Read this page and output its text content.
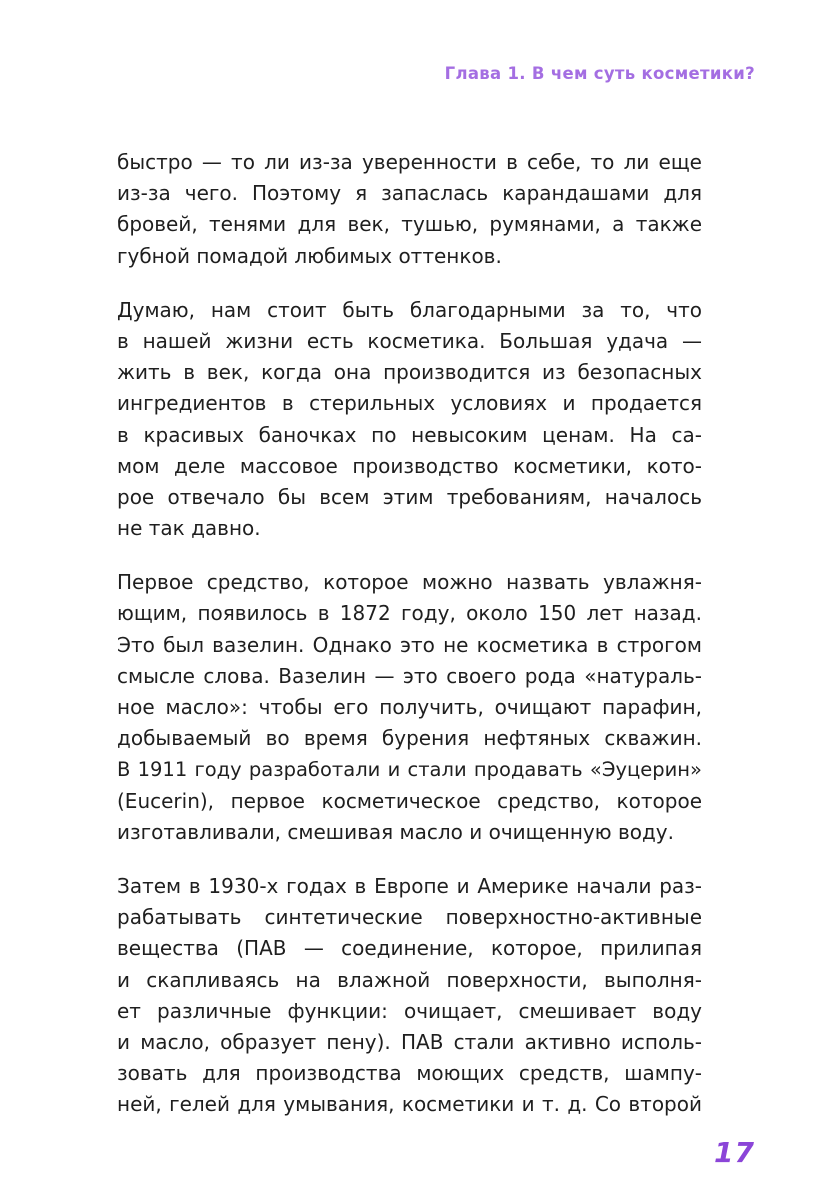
Глава 1. В чем суть косметики?
быстро — то ли из-за уверенности в себе, то ли еще
из-за чего. Поэтому я запаслась карандашами для
бровей, тенями для век, тушью, румянами, а также
губной помадой любимых оттенков.
Думаю, нам стоит быть благодарными за то, что
в нашей жизни есть косметика. Большая удача —
жить в век, когда она производится из безопасных
ингредиентов в стерильных условиях и продается
в красивых баночках по невысоким ценам. На са-
мом деле массовое производство косметики, кото-
рое отвечало бы всем этим требованиям, началось
не так давно.
Первое средство, которое можно назвать увлажня-
ющим, появилось в 1872 году, около 150 лет назад.
Это был вазелин. Однако это не косметика в строгом
смысле слова. Вазелин — это своего рода «натураль-
ное масло»: чтобы его получить, очищают парафин,
добываемый во время бурения нефтяных скважин.
В 1911 году разработали и стали продавать «Эуцерин»
(Eucerin), первое косметическое средство, которое
изготавливали, смешивая масло и очищенную воду.
Затем в 1930-х годах в Европе и Америке начали раз-
рабатывать синтетические поверхностно-активные
вещества (ПАВ — соединение, которое, прилипая
и скапливаясь на влажной поверхности, выполня-
ет различные функции: очищает, смешивает воду
и масло, образует пену). ПАВ стали активно исполь-
зовать для производства моющих средств, шампу-
ней, гелей для умывания, косметики и т. д. Со второй
17
